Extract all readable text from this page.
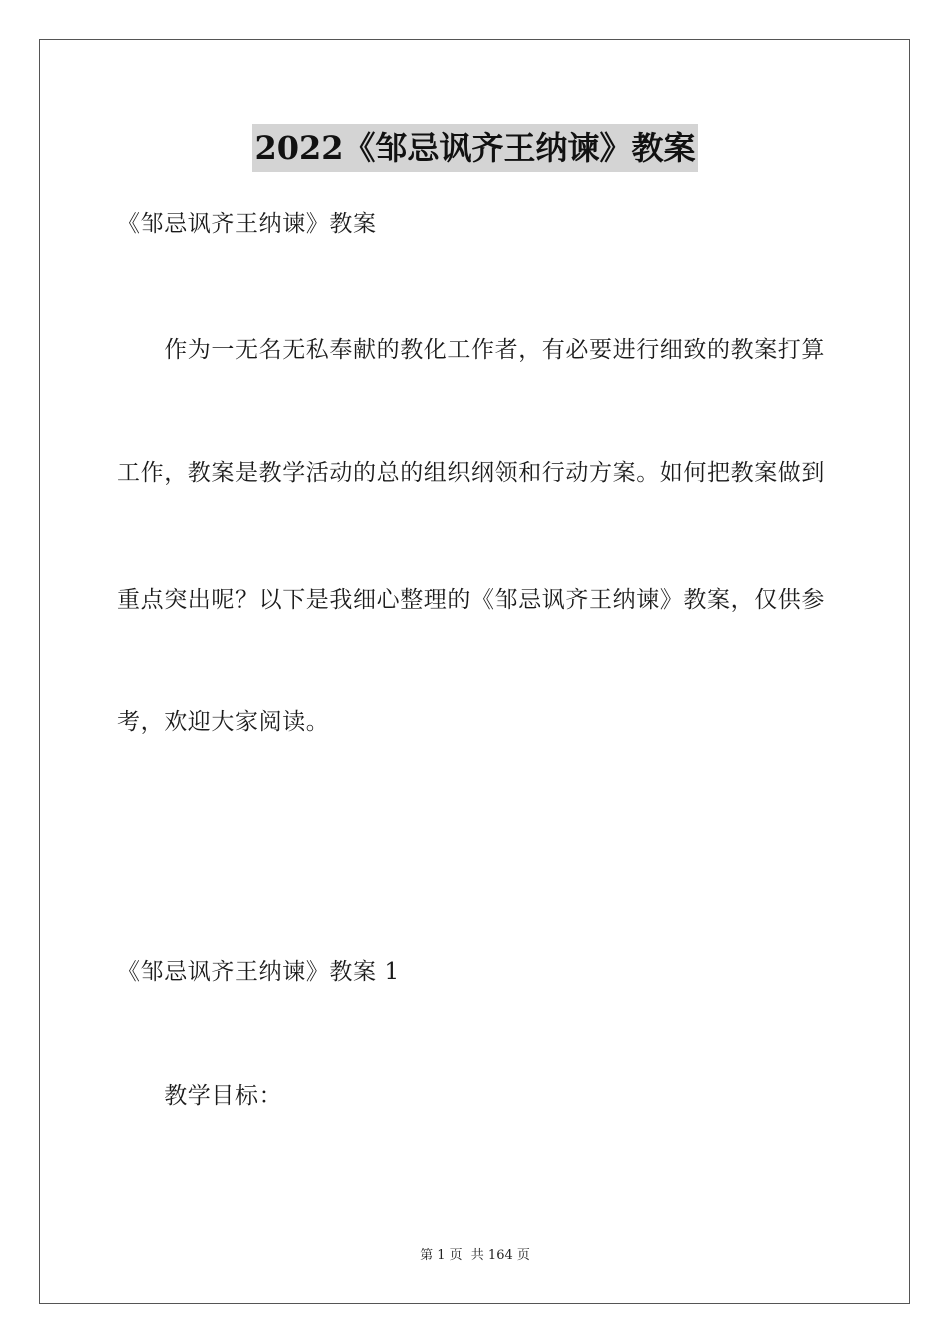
2022《邹忌讽齐王纳谏》教案
《邹忌讽齐王纳谏》教案
　　作为一无名无私奉献的教化工作者，有必要进行细致的教案打算
工作，教案是教学活动的总的组织纲领和行动方案。如何把教案做到
重点突出呢？以下是我细心整理的《邹忌讽齐王纳谏》教案，仅供参
考，欢迎大家阅读。
《邹忌讽齐王纳谏》教案 1
　　教学目标：
第 1 页 共 164 页
